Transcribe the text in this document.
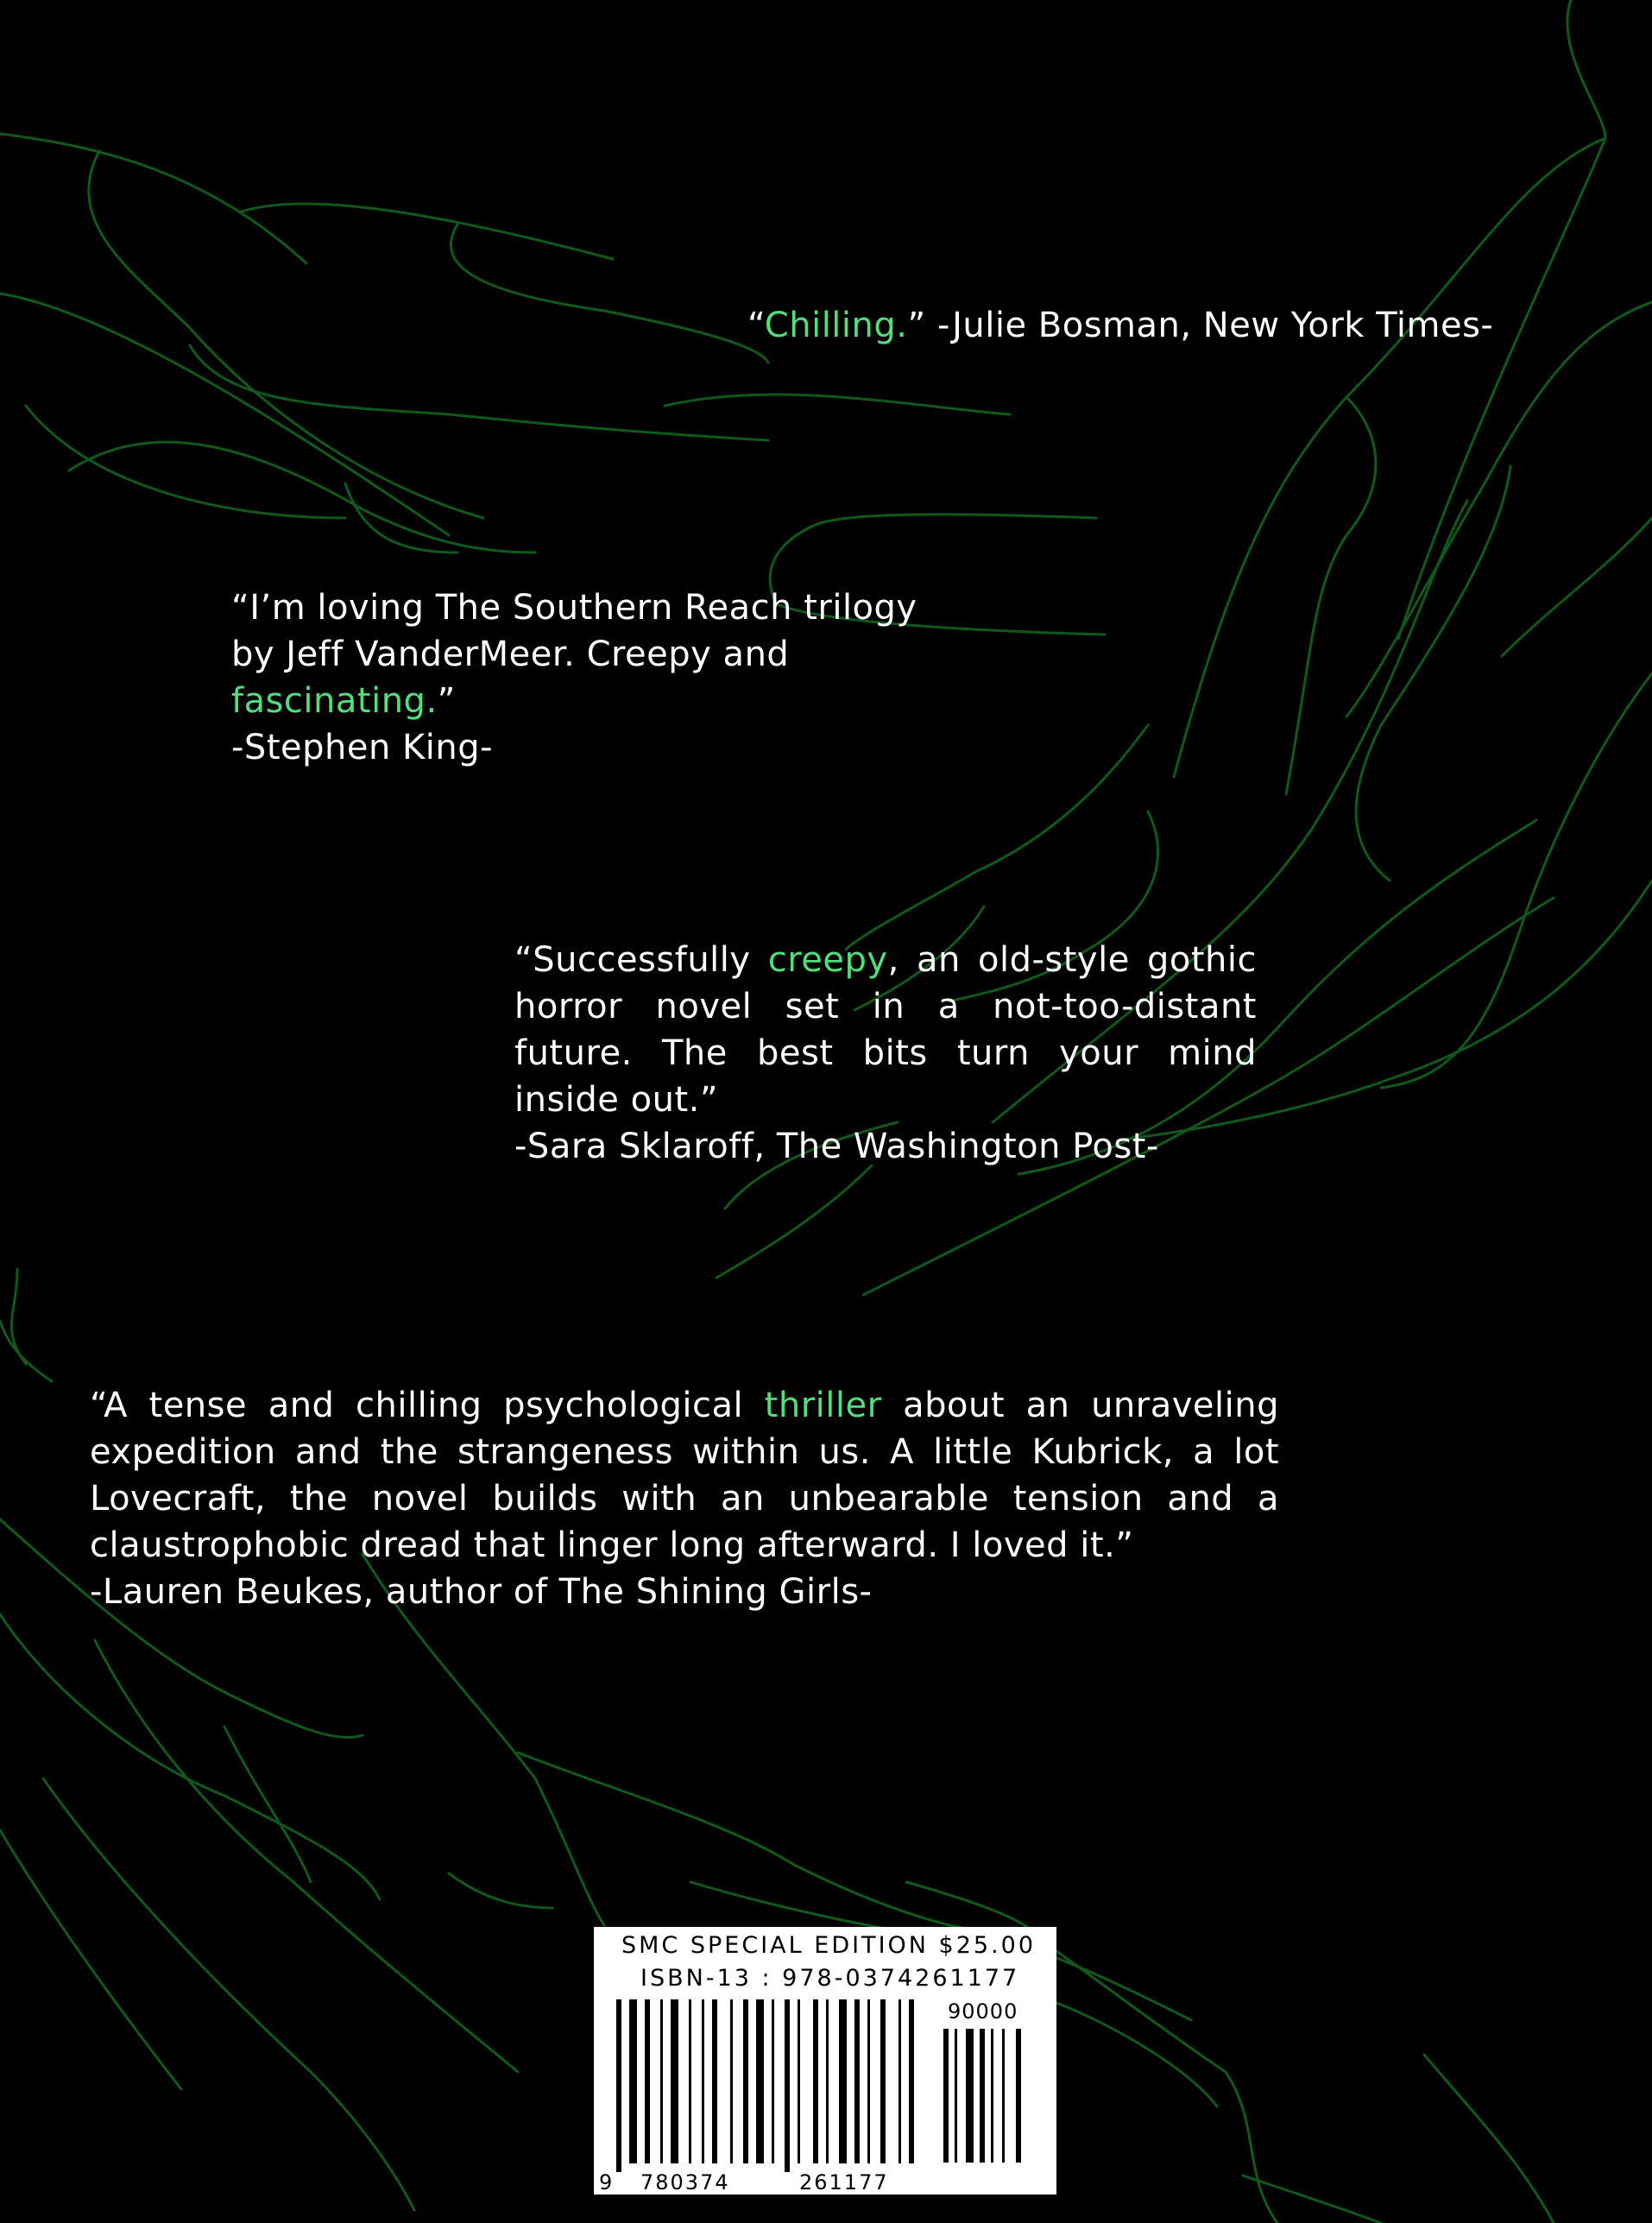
“Chilling.” -Julie Bosman, New York Times-
“I’m loving The Southern Reach trilogy by Jeff VanderMeer. Creepy and fascinating.”
-Stephen King-
“Successfully creepy, an old-style gothic horror novel set in a not-too-distant future. The best bits turn your mind inside out.”
-Sara Sklaroff, The Washington Post-
“A tense and chilling psychological thriller about an unraveling expedition and the strangeness within us. A little Kubrick, a lot Lovecraft, the novel builds with an unbearable tension and a claustrophobic dread that linger long afterward. I loved it.”
-Lauren Beukes, author of The Shining Girls-
SMC SPECIAL EDITION $25.00
ISBN-13 : 978-0374261177
90000
9 780374	261177
